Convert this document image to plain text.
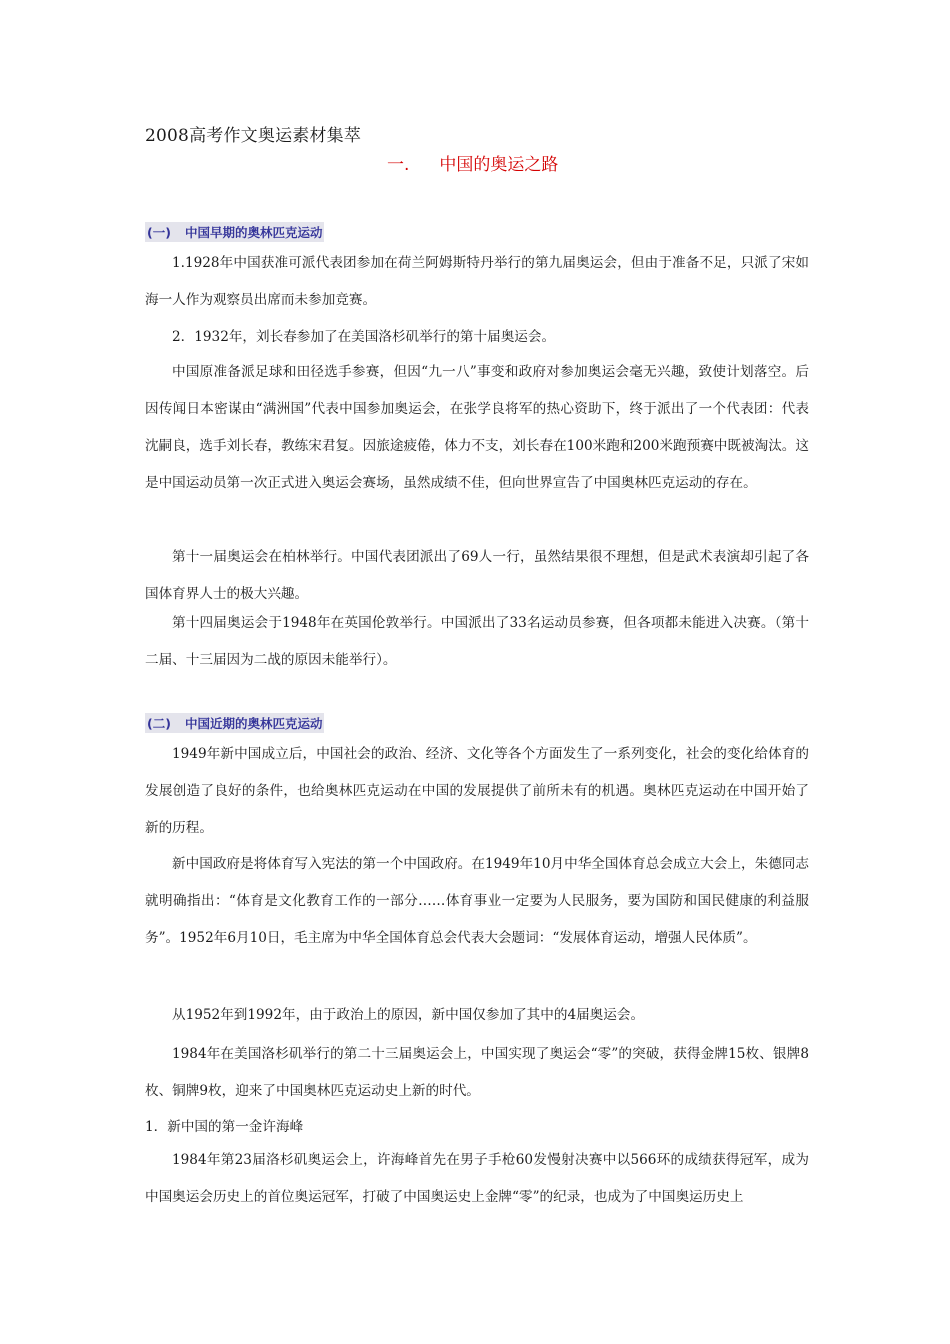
2008高考作文奥运素材集萃
一. 中国的奥运之路
(一) 中国早期的奥林匹克运动

1.1928年中国获准可派代表团参加在荷兰阿姆斯特丹举行的第九届奥运会，但由于准备不足，只派了宋如海一人作为观察员出席而未参加竞赛。

2．1932年，刘长春参加了在美国洛杉矶举行的第十届奥运会。

中国原准备派足球和田径选手参赛，但因“九一八”事变和政府对参加奥运会毫无兴趣，致使计划落空。后因传闻日本密谋由“满洲国”代表中国参加奥运会，在张学良将军的热心资助下，终于派出了一个代表团：代表沈嗣良，选手刘长春，教练宋君复。因旅途疲倦，体力不支，刘长春在100米跑和200米跑预赛中既被淘汰。这是中国运动员第一次正式进入奥运会赛场，虽然成绩不佳，但向世界宣告了中国奥林匹克运动的存在。

第十一届奥运会在柏林举行。中国代表团派出了69人一行，虽然结果很不理想，但是武术表演却引起了各国体育界人士的极大兴趣。

第十四届奥运会于1948年在英国伦敦举行。中国派出了33名运动员参赛，但各项都未能进入决赛。（第十二届、十三届因为二战的原因未能举行）。

(二) 中国近期的奥林匹克运动

1949年新中国成立后，中国社会的政治、经济、文化等各个方面发生了一系列变化，社会的变化给体育的发展创造了良好的条件，也给奥林匹克运动在中国的发展提供了前所未有的机遇。奥林匹克运动在中国开始了新的历程。

新中国政府是将体育写入宪法的第一个中国政府。在1949年10月中华全国体育总会成立大会上，朱德同志就明确指出：“体育是文化教育工作的一部分……体育事业一定要为人民服务，要为国防和国民健康的利益服务”。1952年6月10日，毛主席为中华全国体育总会代表大会题词：“发展体育运动，增强人民体质”。

从1952年到1992年，由于政治上的原因，新中国仅参加了其中的4届奥运会。

1984年在美国洛杉矶举行的第二十三届奥运会上，中国实现了奥运会“零”的突破，获得金牌15枚、银牌8枚、铜牌9枚，迎来了中国奥林匹克运动史上新的时代。

1．新中国的第一金许海峰

1984年第23届洛杉矶奥运会上，许海峰首先在男子手枪60发慢射决赛中以566环的成绩获得冠军，成为中国奥运会历史上的首位奥运冠军，打破了中国奥运史上金牌“零”的纪录，也成为了中国奥运历史上
